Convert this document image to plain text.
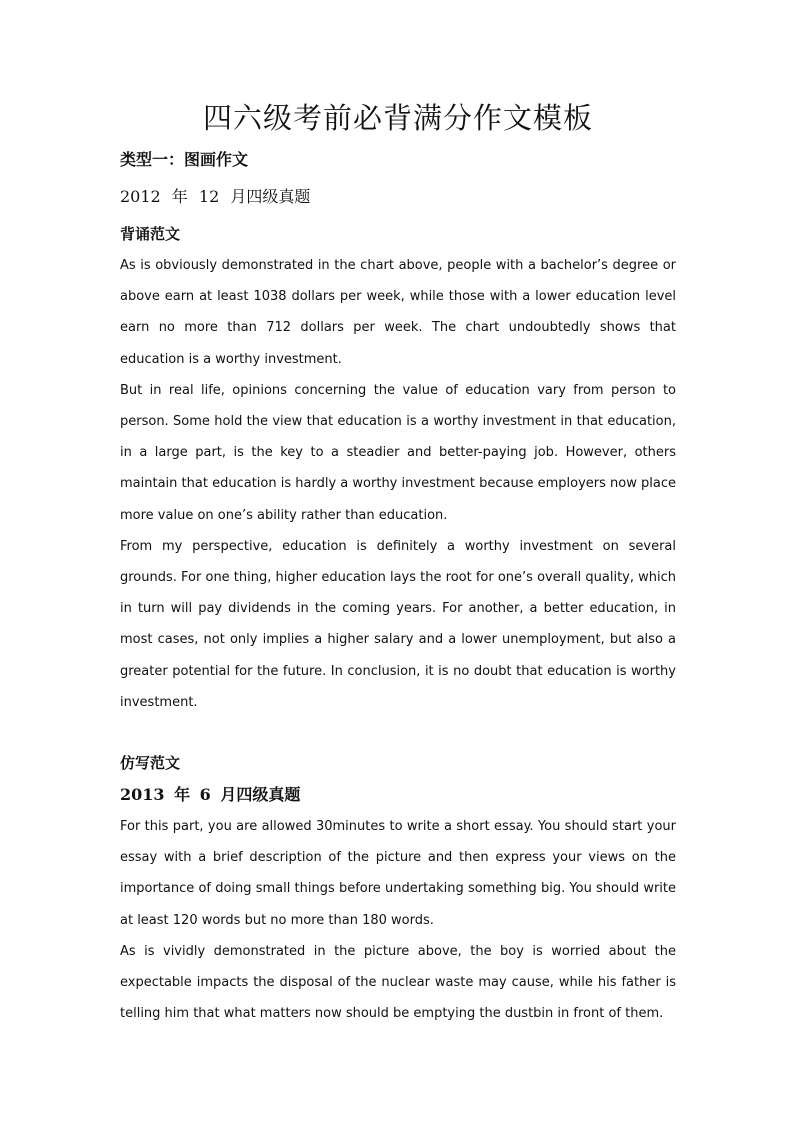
四六级考前必背满分作文模板
类型一：图画作文
2012 年 12 月四级真题
背诵范文

As is obviously demonstrated in the chart above, people with a bachelor’s degree or above earn at least 1038 dollars per week, while those with a lower education level earn no more than 712 dollars per week. The chart undoubtedly shows that education is a worthy investment.

But in real life, opinions concerning the value of education vary from person to person. Some hold the view that education is a worthy investment in that education, in a large part, is the key to a steadier and better-paying job. However, others maintain that education is hardly a worthy investment because employers now place more value on one’s ability rather than education.

From my perspective, education is definitely a worthy investment on several grounds. For one thing, higher education lays the root for one’s overall quality, which in turn will pay dividends in the coming years. For another, a better education, in most cases, not only implies a higher salary and a lower unemployment, but also a greater potential for the future. In conclusion, it is no doubt that education is worthy investment.

仿写范文
2013 年 6 月四级真题

For this part, you are allowed 30minutes to write a short essay. You should start your essay with a brief description of the picture and then express your views on the importance of doing small things before undertaking something big. You should write at least 120 words but no more than 180 words.

As is vividly demonstrated in the picture above, the boy is worried about the expectable impacts the disposal of the nuclear waste may cause, while his father is telling him that what matters now should be emptying the dustbin in front of them.
